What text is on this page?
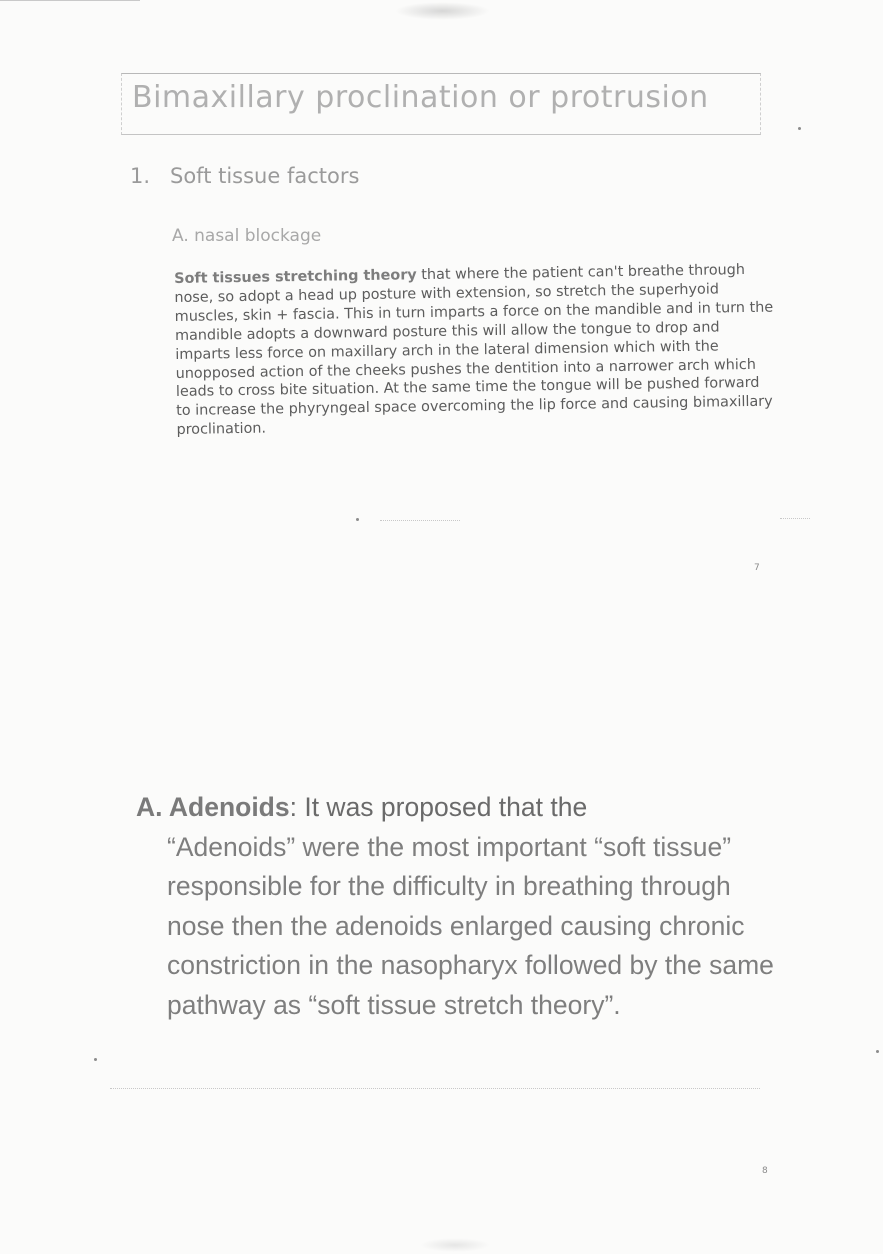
Bimaxillary proclination or protrusion
1. Soft tissue factors
A. nasal blockage
Soft tissues stretching theory that where the patient can't breathe through nose, so adopt a head up posture with extension, so stretch the superhyoid muscles, skin + fascia. This in turn imparts a force on the mandible and in turn the mandible adopts a downward posture this will allow the tongue to drop and imparts less force on maxillary arch in the lateral dimension which with the unopposed action of the cheeks pushes the dentition into a narrower arch which leads to cross bite situation. At the same time the tongue will be pushed forward to increase the phyryngeal space overcoming the lip force and causing bimaxillary proclination.
7
A. Adenoids: It was proposed that the
“Adenoids” were the most important “soft tissue” responsible for the difficulty in breathing through nose then the adenoids enlarged causing chronic constriction in the nasopharyx followed by the same pathway as “soft tissue stretch theory”.
8
